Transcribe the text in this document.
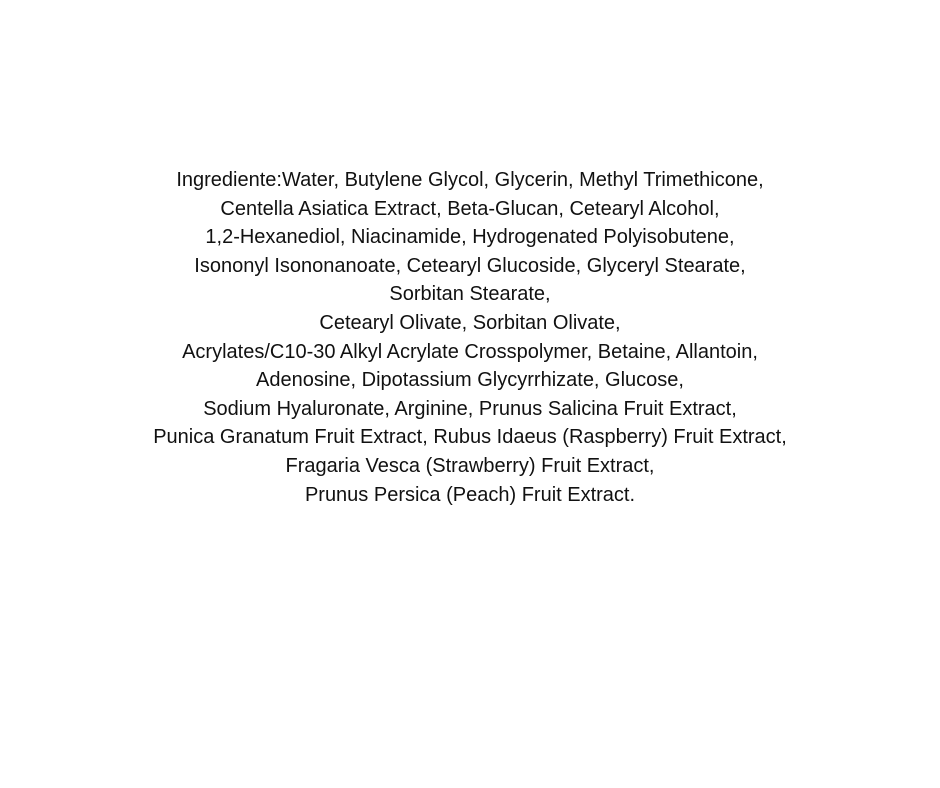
Ingrediente:Water, Butylene Glycol, Glycerin, Methyl Trimethicone,
Centella Asiatica Extract, Beta-Glucan, Cetearyl Alcohol,
1,2-Hexanediol, Niacinamide, Hydrogenated Polyisobutene,
Isononyl Isononanoate, Cetearyl Glucoside, Glyceryl Stearate,
Sorbitan Stearate,
Cetearyl Olivate, Sorbitan Olivate,
Acrylates/C10-30 Alkyl Acrylate Crosspolymer, Betaine, Allantoin,
Adenosine, Dipotassium Glycyrrhizate, Glucose,
Sodium Hyaluronate, Arginine, Prunus Salicina Fruit Extract,
Punica Granatum Fruit Extract, Rubus Idaeus (Raspberry) Fruit Extract,
Fragaria Vesca (Strawberry) Fruit Extract,
Prunus Persica (Peach) Fruit Extract.
